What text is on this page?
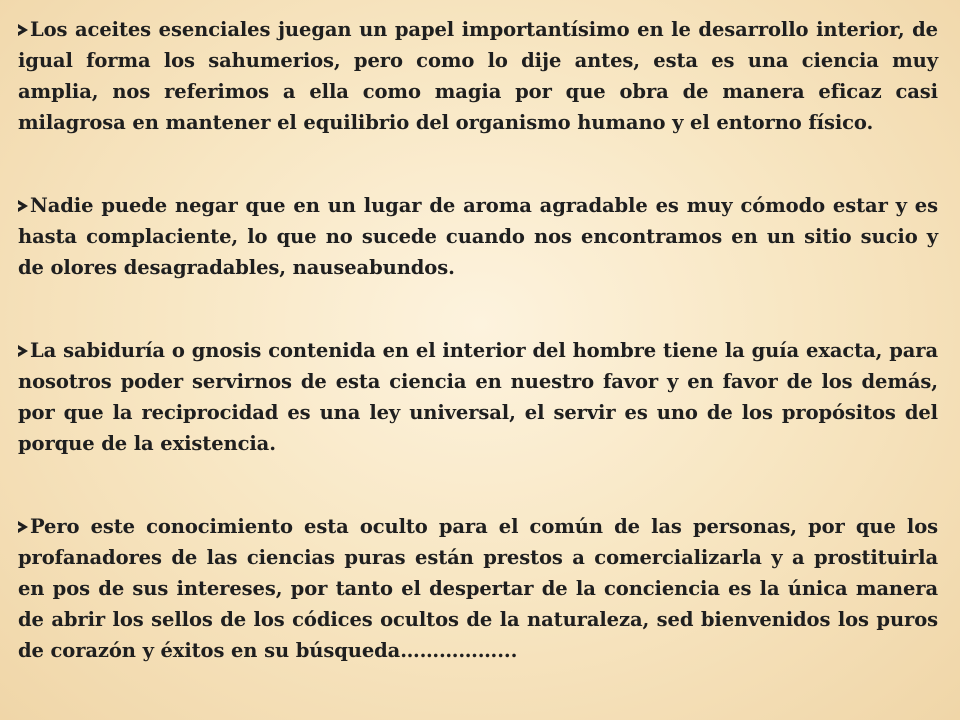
Los aceites esenciales juegan un papel importantísimo en le desarrollo interior, de igual forma los sahumerios, pero como lo dije antes, esta es una ciencia muy amplia, nos referimos a ella como magia por que obra de manera eficaz casi milagrosa en mantener el equilibrio del organismo humano y el entorno físico.
Nadie puede negar que en un lugar de aroma agradable es muy cómodo estar y es hasta complaciente, lo que no sucede cuando nos encontramos en un sitio sucio y de olores desagradables, nauseabundos.
La sabiduría o gnosis contenida en el interior del hombre tiene la guía exacta, para nosotros poder servirnos de esta ciencia en nuestro favor y en favor de los demás, por que la reciprocidad es una ley universal, el servir es uno de los propósitos del porque de la existencia.
Pero este conocimiento esta oculto para el común de las personas, por que los profanadores de las ciencias puras están prestos a comercializarla y a prostituirla en pos de sus intereses, por tanto el despertar de la conciencia es la única manera de abrir los sellos de los códices ocultos de la naturaleza, sed bienvenidos los puros de corazón y éxitos en su búsqueda……………...
